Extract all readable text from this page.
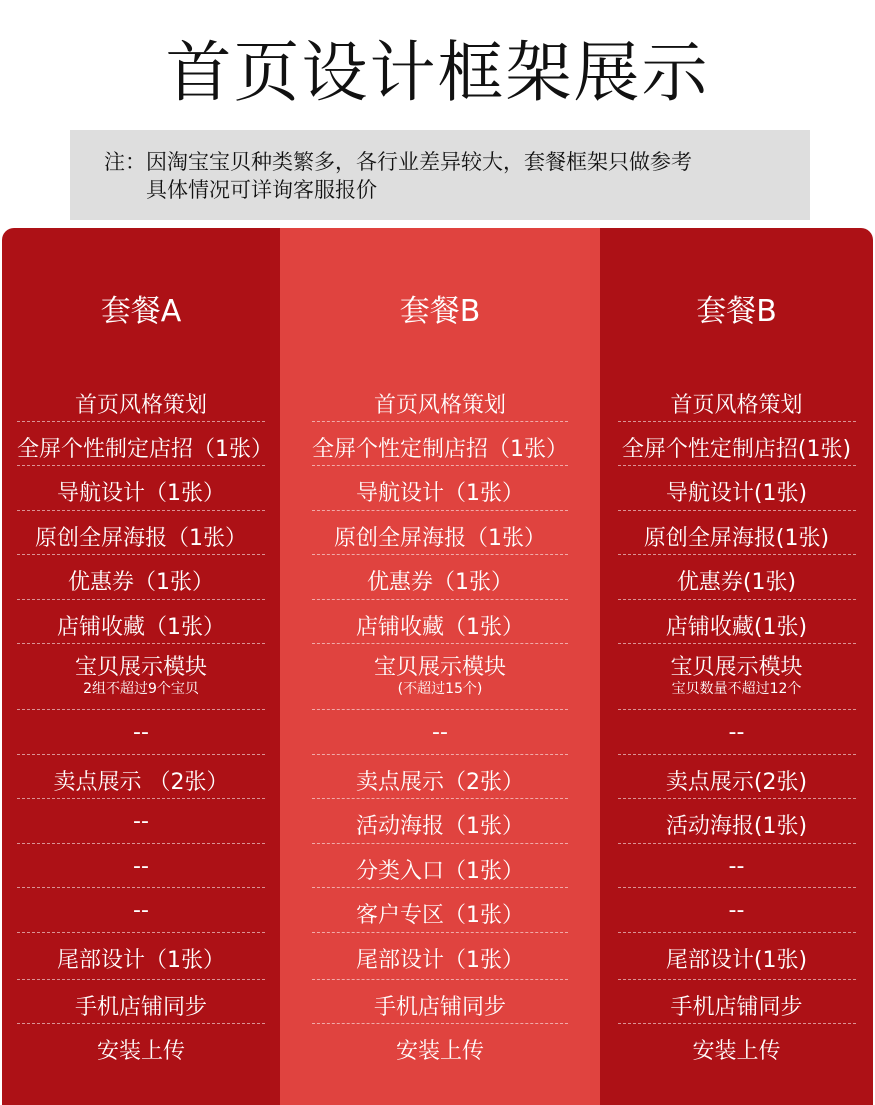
首页设计框架展示
注：因淘宝宝贝种类繁多，各行业差异较大，套餐框架只做参考
具体情况可详询客服报价
套餐A
首页风格策划
全屏个性制定店招（1张）
导航设计（1张）
原创全屏海报（1张）
优惠券（1张）
店铺收藏（1张）
宝贝展示模块
2组不超过9个宝贝
--
卖点展示 （2张）
--
--
--
尾部设计（1张）
手机店铺同步
安装上传
套餐B
首页风格策划
全屏个性定制店招（1张）
导航设计（1张）
原创全屏海报（1张）
优惠券（1张）
店铺收藏（1张）
宝贝展示模块
(不超过15个)
--
卖点展示（2张）
活动海报（1张）
分类入口（1张）
客户专区（1张）
尾部设计（1张）
手机店铺同步
安装上传
套餐B
首页风格策划
全屏个性定制店招(1张)
导航设计(1张)
原创全屏海报(1张)
优惠券(1张)
店铺收藏(1张)
宝贝展示模块
宝贝数量不超过12个
--
卖点展示(2张)
活动海报(1张)
--
--
尾部设计(1张)
手机店铺同步
安装上传
